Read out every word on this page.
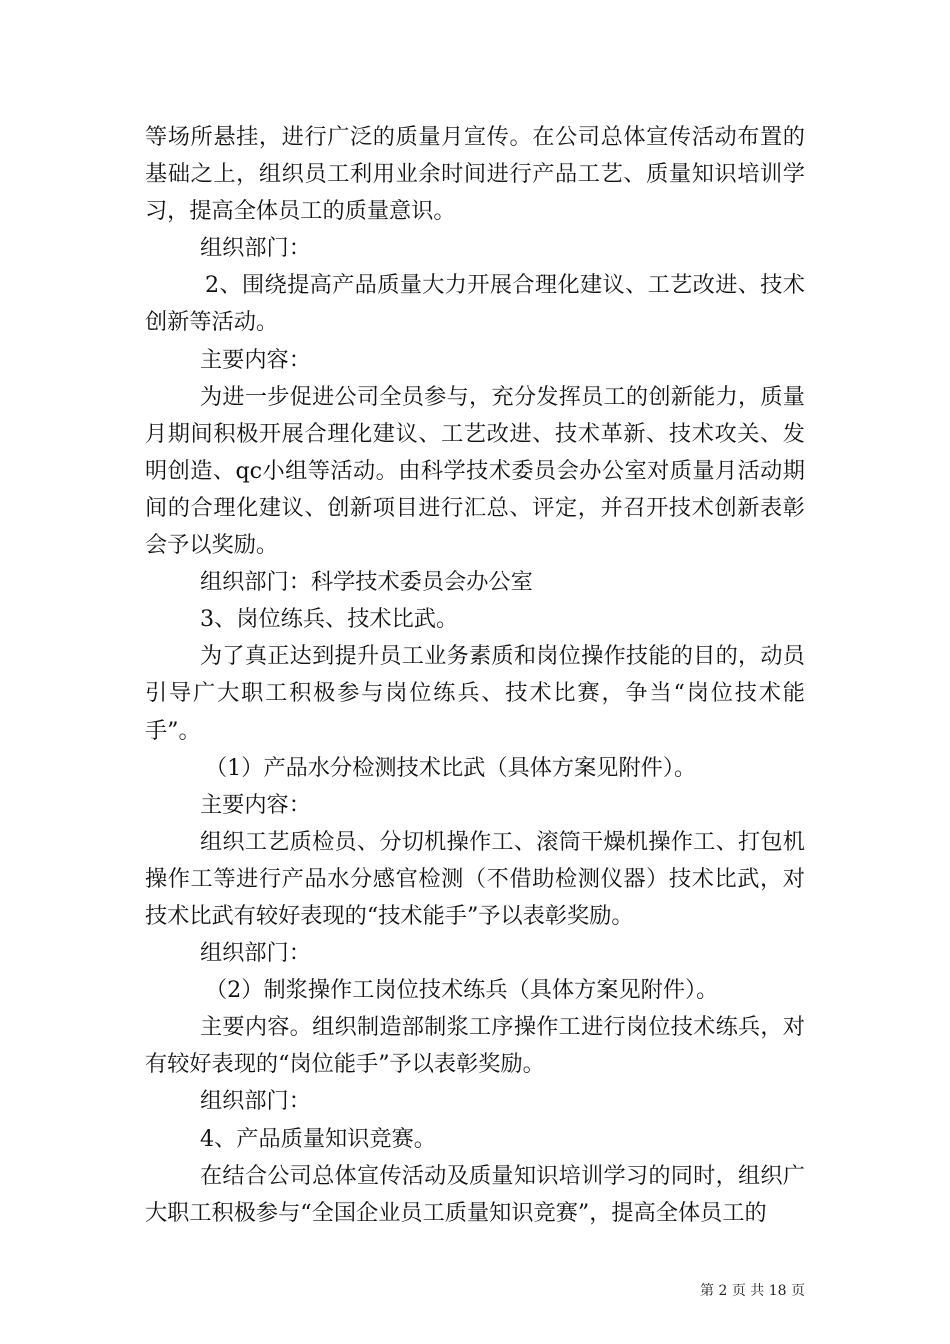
等场所悬挂，进行广泛的质量月宣传。在公司总体宣传活动布置的基础之上，组织员工利用业余时间进行产品工艺、质量知识培训学习，提高全体员工的质量意识。

组织部门：

2、围绕提高产品质量大力开展合理化建议、工艺改进、技术创新等活动。

主要内容：

为进一步促进公司全员参与，充分发挥员工的创新能力，质量月期间积极开展合理化建议、工艺改进、技术革新、技术攻关、发明创造、qc小组等活动。由科学技术委员会办公室对质量月活动期间的合理化建议、创新项目进行汇总、评定，并召开技术创新表彰会予以奖励。

组织部门：科学技术委员会办公室

3、岗位练兵、技术比武。

为了真正达到提升员工业务素质和岗位操作技能的目的，动员引导广大职工积极参与岗位练兵、技术比赛，争当“岗位技术能手”。

（1）产品水分检测技术比武（具体方案见附件）。

主要内容：

组织工艺质检员、分切机操作工、滚筒干燥机操作工、打包机操作工等进行产品水分感官检测（不借助检测仪器）技术比武，对技术比武有较好表现的“技术能手”予以表彰奖励。

组织部门：

（2）制浆操作工岗位技术练兵（具体方案见附件）。

主要内容。组织制造部制浆工序操作工进行岗位技术练兵，对有较好表现的“岗位能手”予以表彰奖励。

组织部门：

4、产品质量知识竞赛。

在结合公司总体宣传活动及质量知识培训学习的同时，组织广大职工积极参与“全国企业员工质量知识竞赛”，提高全体员工的

第 2 页 共 18 页
